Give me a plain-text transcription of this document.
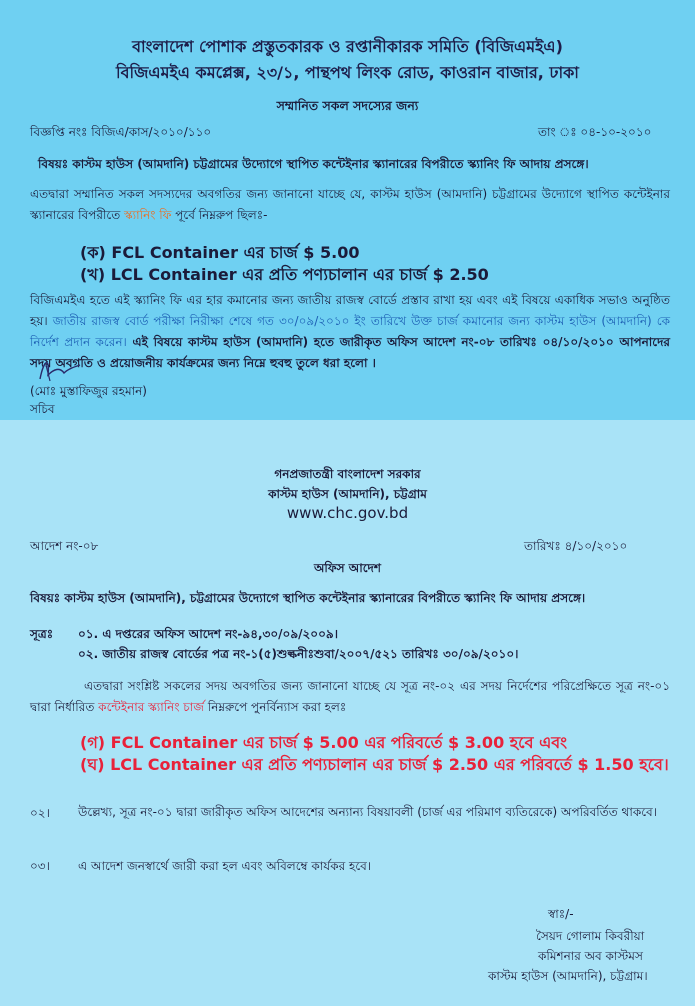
বাংলাদেশ পোশাক প্রস্তুতকারক ও রপ্তানীকারক সমিতি (বিজিএমইএ)
বিজিএমইএ কমপ্লেক্স, ২৩/১, পান্থপথ লিংক রোড, কাওরান বাজার, ঢাকা
সম্মানিত সকল সদস্যের জন্য
বিজ্ঞপ্তি নংঃ বিজিএ/কাস/২০১০/১১০	তাং ঃ ০৪-১০-২০১০
বিষয়ঃ কাস্টম হাউস (আমদানি) চট্টগ্রামের উদ্যোগে স্থাপিত কন্টেইনার স্ক্যানারের বিপরীতে স্ক্যানিং ফি আদায় প্রসঙ্গে।
এতদ্বারা সম্মানিত সকল সদস্যদের অবগতির জন্য জানানো যাচ্ছে যে, কাস্টম হাউস (আমদানি) চট্টগ্রামের উদ্যোগে স্থাপিত কন্টেইনার স্ক্যানারের বিপরীতে স্ক্যানিং ফি পূর্বে নিম্নরুপ ছিলঃ-
(ক) FCL Container এর চার্জ $ 5.00
(খ) LCL Container এর প্রতি পণ্যচালান এর চার্জ $ 2.50
বিজিএমইএ হতে এই স্ক্যানিং ফি এর হার কমানোর জন্য জাতীয় রাজস্ব বোর্ডে প্রস্তাব রাখা হয় এবং এই বিষয়ে একাধিক সভাও অনুষ্ঠিত হয়। জাতীয় রাজস্ব বোর্ড পরীক্ষা নিরীক্ষা শেষে গত ৩০/০৯/২০১০ ইং তারিখে উক্ত চার্জ কমানোর জন্য কাস্টম হাউস (আমদানি) কে নির্দেশ প্রদান করেন। এই বিষয়ে কাস্টম হাউস (আমদানি) হতে জারীকৃত অফিস আদেশ নং-০৮ তারিখঃ ০৪/১০/২০১০ আপনাদের সদয় অবগতি ও প্রয়োজনীয় কার্যক্রমের জন্য নিম্নে হুবহু তুলে ধরা হলো ।
(মোঃ মুস্তাফিজুর রহমান)
সচিব
গনপ্রজাতন্ত্রী বাংলাদেশ সরকার
কাস্টম হাউস (আমদানি), চট্টগ্রাম
www.chc.gov.bd
আদেশ নং-০৮	তারিখঃ ৪/১০/২০১০
অফিস আদেশ
বিষয়ঃ কাস্টম হাউস (আমদানি), চট্টগ্রামের উদ্যোগে স্থাপিত কন্টেইনার স্ক্যানারের বিপরীতে স্ক্যানিং ফি আদায় প্রসঙ্গে।
সূত্রঃ ০১. এ দপ্তরের অফিস আদেশ নং-৯৪,৩০/০৯/২০০৯।
০২. জাতীয় রাজস্ব বোর্ডের পত্র নং-১(৫)শুল্কনীঃশুবা/২০০৭/৫২১ তারিখঃ ৩০/০৯/২০১০।
এতদ্বারা সংশ্লিষ্ট সকলের সদয় অবগতির জন্য জানানো যাচ্ছে যে সূত্র নং-০২ এর সদয় নির্দেশের পরিপ্রেক্ষিতে সূত্র নং-০১ দ্বারা নির্ধারিত কন্টেইনার স্ক্যানিং চার্জ নিম্নরুপে পুনর্বিন্যাস করা হলঃ
(গ) FCL Container এর চার্জ $ 5.00 এর পরিবর্তে $ 3.00 হবে এবং
(ঘ) LCL Container এর প্রতি পণ্যচালান এর চার্জ $ 2.50 এর পরিবর্তে $ 1.50 হবে।
০২। উল্লেখ্য, সূত্র নং-০১ দ্বারা জারীকৃত অফিস আদেশের অন্যান্য বিষয়াবলী (চার্জ এর পরিমাণ ব্যতিরেকে) অপরিবর্তিত থাকবে।
০৩। এ আদেশ জনস্বার্থে জারী করা হল এবং অবিলম্বে কার্যকর হবে।
স্বাঃ/-
সৈয়দ গোলাম কিবরীয়া
কমিশনার অব কাস্টমস
কাস্টম হাউস (আমদানি), চট্টগ্রাম।
